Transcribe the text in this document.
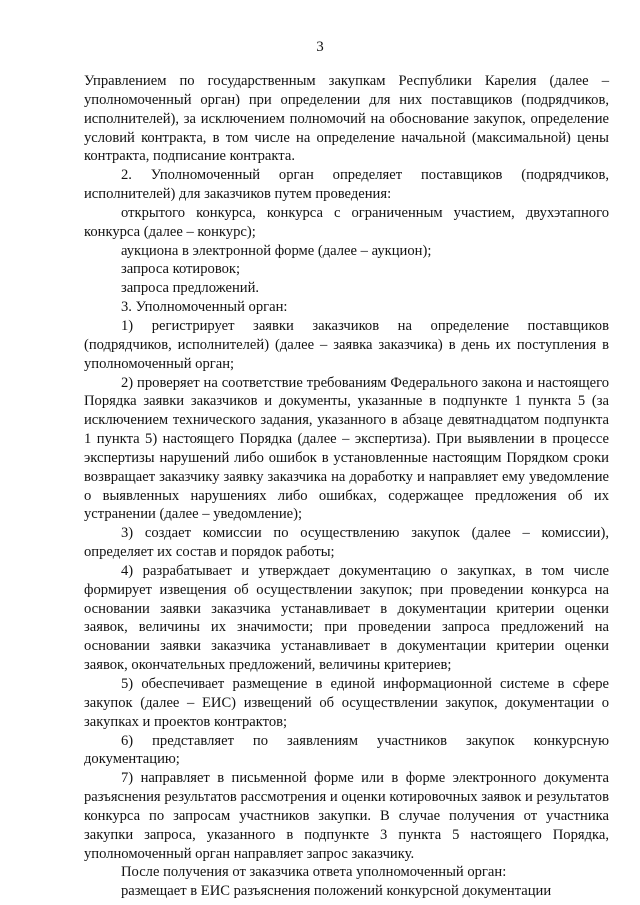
3

Управлением по государственным закупкам Республики Карелия (далее – уполномоченный орган) при определении для них поставщиков (подрядчиков, исполнителей), за исключением полномочий на обоснование закупок, определение условий контракта, в том числе на определение начальной (максимальной) цены контракта, подписание контракта.

2. Уполномоченный орган определяет поставщиков (подрядчиков, исполнителей) для заказчиков путем проведения:

открытого конкурса, конкурса с ограниченным участием, двухэтапного конкурса (далее – конкурс);

аукциона в электронной форме (далее – аукцион);

запроса котировок;

запроса предложений.

3. Уполномоченный орган:

1) регистрирует заявки заказчиков на определение поставщиков (подрядчиков, исполнителей) (далее – заявка заказчика) в день их поступления в уполномоченный орган;

2) проверяет на соответствие требованиям Федерального закона и настоящего Порядка заявки заказчиков и документы, указанные в подпункте 1 пункта 5 (за исключением технического задания, указанного в абзаце девятнадцатом подпункта 1 пункта 5) настоящего Порядка (далее – экспертиза). При выявлении в процессе экспертизы нарушений либо ошибок в установленные настоящим Порядком сроки возвращает заказчику заявку заказчика на доработку и направляет ему уведомление о выявленных нарушениях либо ошибках, содержащее предложения об их устранении (далее – уведомление);

3) создает комиссии по осуществлению закупок (далее – комиссии), определяет их состав и порядок работы;

4) разрабатывает и утверждает документацию о закупках, в том числе формирует извещения об осуществлении закупок; при проведении конкурса на основании заявки заказчика устанавливает в документации критерии оценки заявок, величины их значимости; при проведении запроса предложений на основании заявки заказчика устанавливает в документации критерии оценки заявок, окончательных предложений, величины критериев;

5) обеспечивает размещение в единой информационной системе в сфере закупок (далее – ЕИС) извещений об осуществлении закупок, документации о закупках и проектов контрактов;

6) представляет по заявлениям участников закупок конкурсную документацию;

7) направляет в письменной форме или в форме электронного документа разъяснения результатов рассмотрения и оценки котировочных заявок и результатов конкурса по запросам участников закупки. В случае получения от участника закупки запроса, указанного в подпункте 3 пункта 5 настоящего Порядка, уполномоченный орган направляет запрос заказчику.

После получения от заказчика ответа уполномоченный орган:

размещает в ЕИС разъяснения положений конкурсной документации
